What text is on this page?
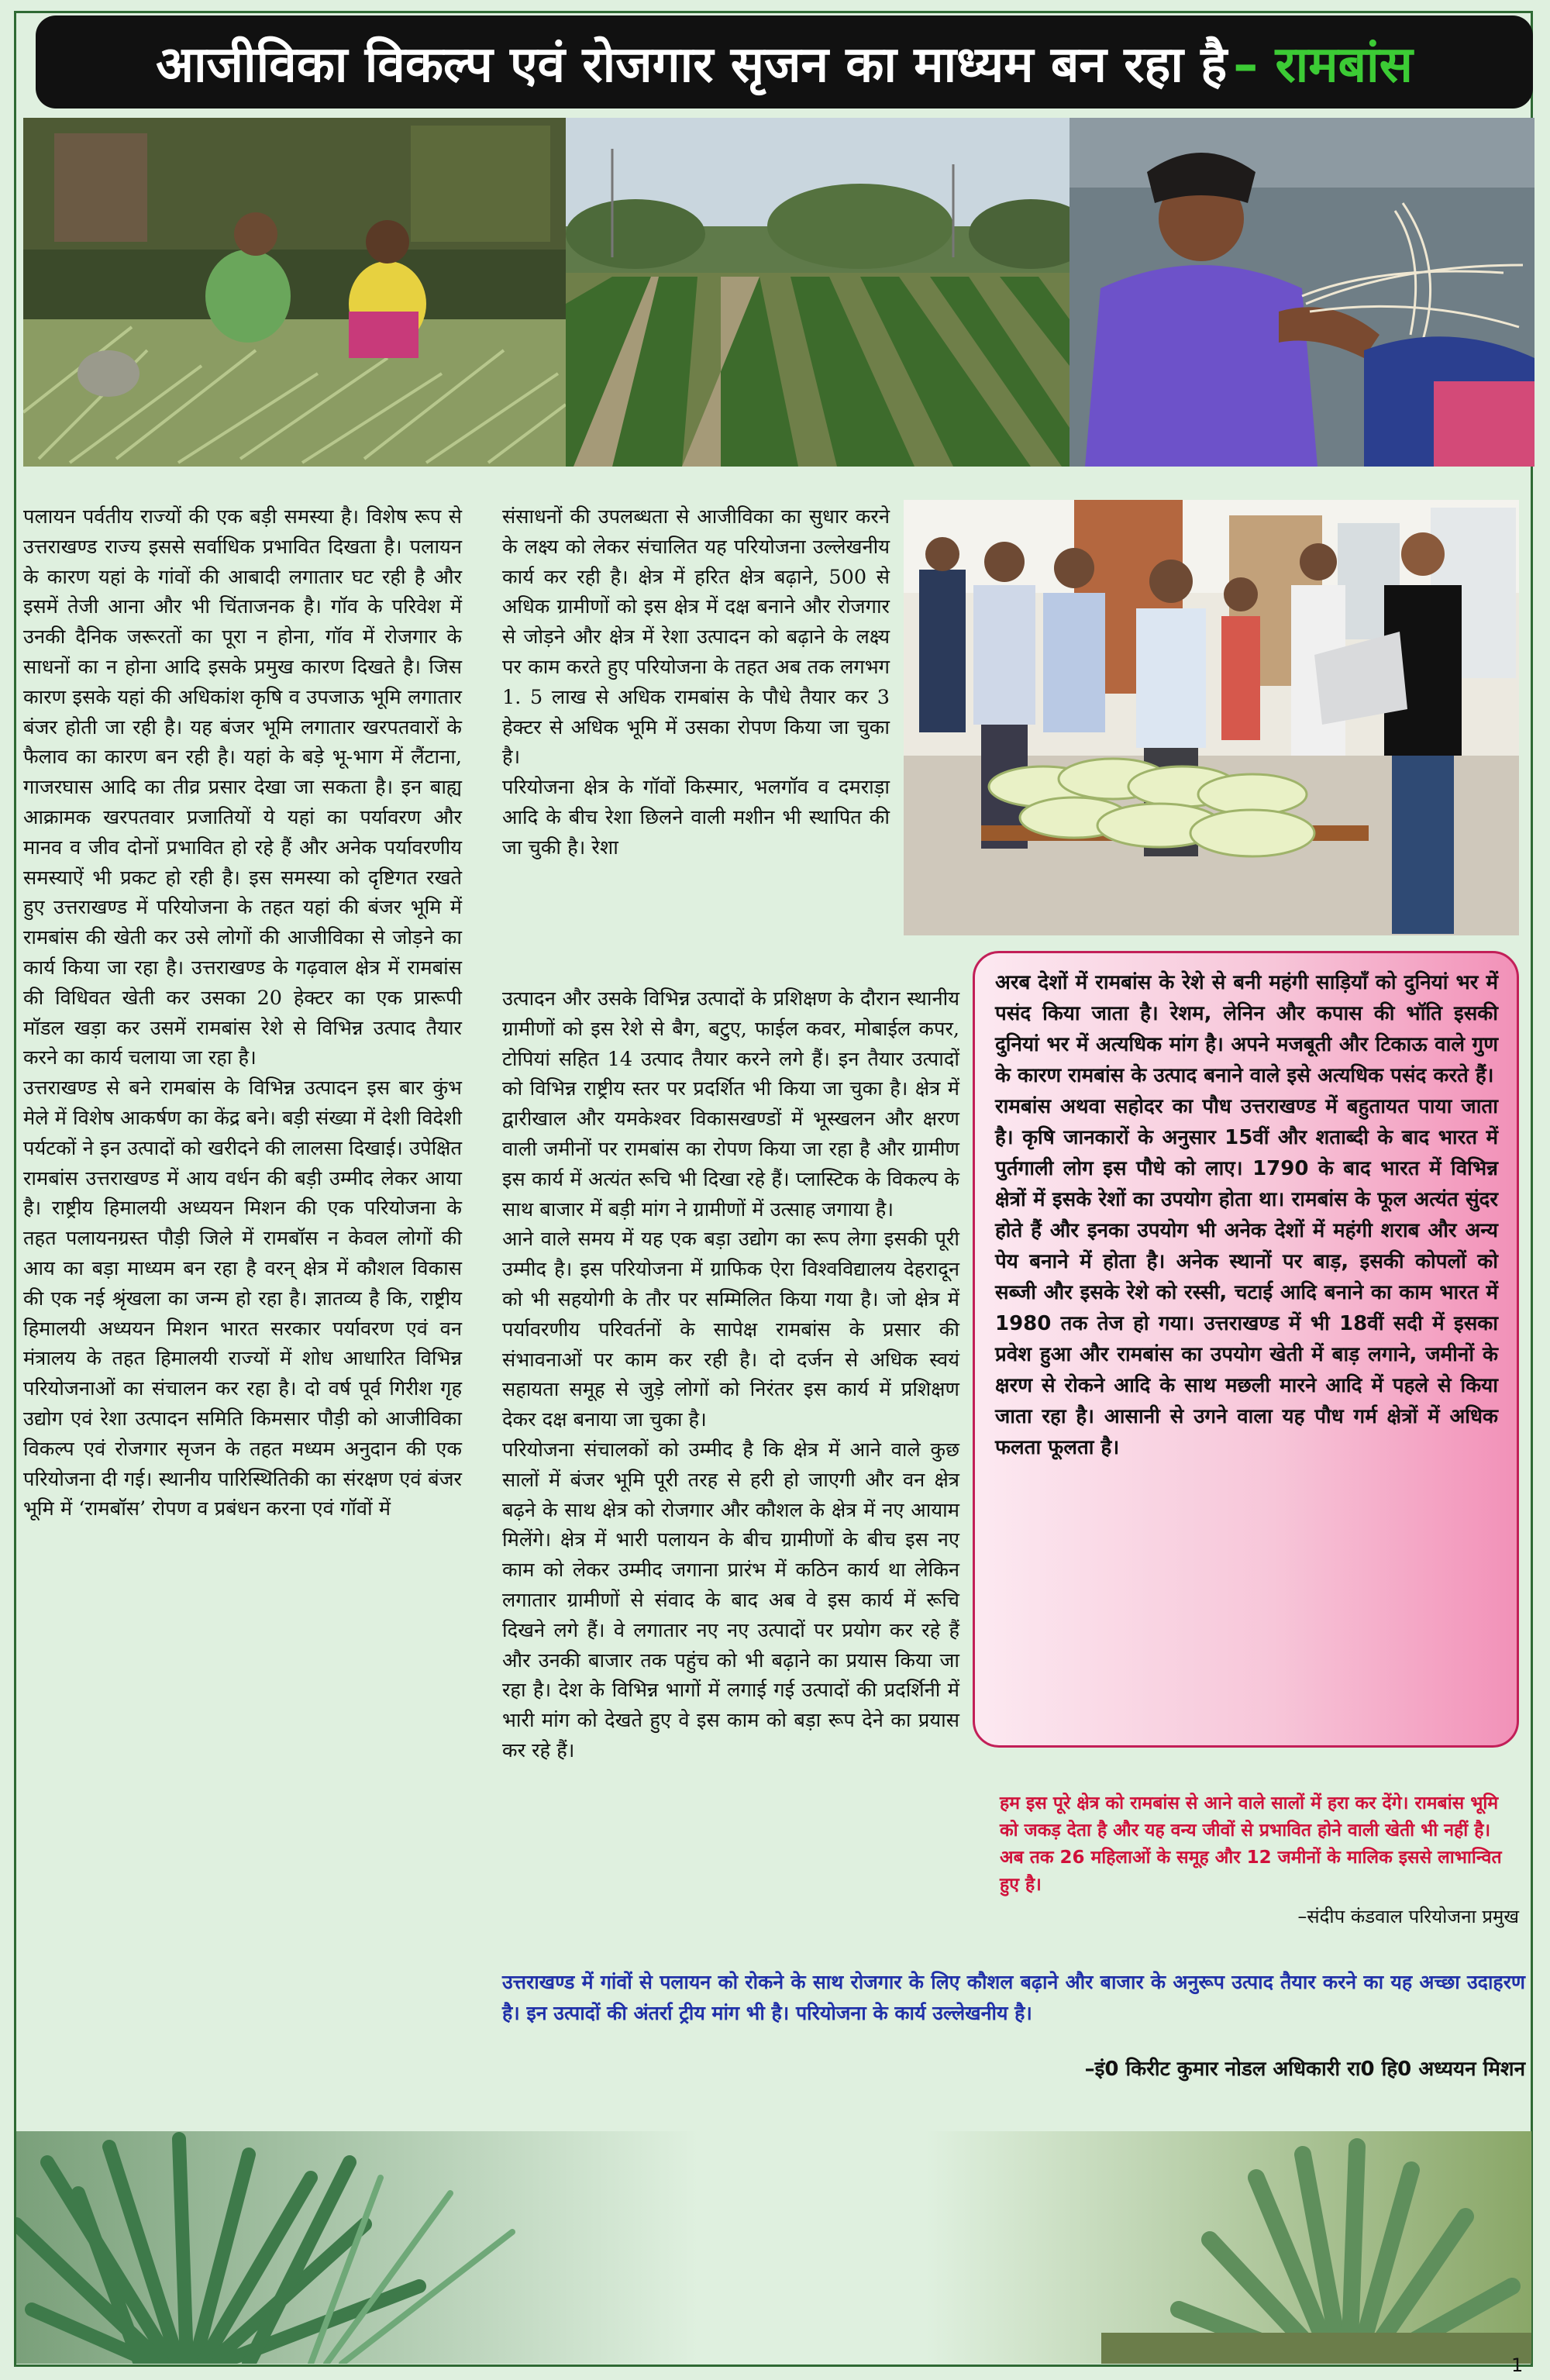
आजीविका विकल्प एवं रोजगार सृजन का माध्यम बन रहा है – रामबांस

पलायन पर्वतीय राज्यों की एक बड़ी समस्या है। विशेष रूप से उत्तराखण्ड राज्य इससे सर्वाधिक प्रभावित दिखता है। पलायन के कारण यहां के गांवों की आबादी लगातार घट रही है और इसमें तेजी आना और भी चिंताजनक है। गॉव के परिवेश में उनकी दैनिक जरूरतों का पूरा न होना, गॉव में रोजगार के साधनों का न होना आदि इसके प्रमुख कारण दिखते है। जिस कारण इसके यहां की अधिकांश कृषि व उपजाऊ भूमि लगातार बंजर होती जा रही है। यह बंजर भूमि लगातार खरपतवारों के फैलाव का कारण बन रही है। यहां के बड़े भू-भाग में लैंटाना, गाजरघास आदि का तीव्र प्रसार देखा जा सकता है। इन बाह्य आक्रामक खरपतवार प्रजातियों ये यहां का पर्यावरण और मानव व जीव दोनों प्रभावित हो रहे हैं और अनेक पर्यावरणीय समस्याऐं भी प्रकट हो रही है। इस समस्या को दृष्टिगत रखते हुए उत्तराखण्ड में परियोजना के तहत यहां की बंजर भूमि में रामबांस की खेती कर उसे लोगों की आजीविका से जोड़ने का कार्य किया जा रहा है। उत्तराखण्ड के गढ़वाल क्षेत्र में रामबांस की विधिवत खेती कर उसका 20 हेक्टर का एक प्रारूपी मॉडल खड़ा कर उसमें रामबांस रेशे से विभिन्न उत्पाद तैयार करने का कार्य चलाया जा रहा है।

उत्तराखण्ड से बने रामबांस के विभिन्न उत्पादन इस बार कुंभ मेले में विशेष आकर्षण का केंद्र बने। बड़ी संख्या में देशी विदेशी पर्यटकों ने इन उत्पादों को खरीदने की लालसा दिखाई। उपेक्षित रामबांस उत्तराखण्ड में आय वर्धन की बड़ी उम्मीद लेकर आया है। राष्ट्रीय हिमालयी अध्ययन मिशन की एक परियोजना के तहत पलायनग्रस्त पौड़ी जिले में रामबॉस न केवल लोगों की आय का बड़ा माध्यम बन रहा है वरन् क्षेत्र में कौशल विकास की एक नई श्रृंखला का जन्म हो रहा है। ज्ञातव्य है कि, राष्ट्रीय हिमालयी अध्ययन मिशन भारत सरकार पर्यावरण एवं वन मंत्रालय के तहत हिमालयी राज्यों में शोध आधारित विभिन्न परियोजनाओं का संचालन कर रहा है। दो वर्ष पूर्व गिरीश गृह उद्योग एवं रेशा उत्पादन समिति किमसार पौड़ी को आजीविका विकल्प एवं रोजगार सृजन के तहत मध्यम अनुदान की एक परियोजना दी गई। स्थानीय पारिस्थितिकी का संरक्षण एवं बंजर भूमि में ‘रामबॉस’ रोपण व प्रबंधन करना एवं गॉवों में

संसाधनों की उपलब्धता से आजीविका का सुधार करने के लक्ष्य को लेकर संचालित यह परियोजना उल्लेखनीय कार्य कर रही है। क्षेत्र में हरित क्षेत्र बढ़ाने, 500 से अधिक ग्रामीणों को इस क्षेत्र में दक्ष बनाने और रोजगार से जोड़ने और क्षेत्र में रेशा उत्पादन को बढ़ाने के लक्ष्य पर काम करते हुए परियोजना के तहत अब तक लगभग 1. 5 लाख से अधिक रामबांस के पौधे तैयार कर 3 हेक्टर से अधिक भूमि में उसका रोपण किया जा चुका है।

परियोजना क्षेत्र के गॉवों किस्मार, भलगॉव व दमराड़ा आदि के बीच रेशा छिलने वाली मशीन भी स्थापित की जा चुकी है। रेशा

उत्पादन और उसके विभिन्न उत्पादों के प्रशिक्षण के दौरान स्थानीय ग्रामीणों को इस रेशे से बैग, बटुए, फाईल कवर, मोबाईल कपर, टोपियां सहित 14 उत्पाद तैयार करने लगे हैं। इन तैयार उत्पादों को विभिन्न राष्ट्रीय स्तर पर प्रदर्शित भी किया जा चुका है। क्षेत्र में द्वारीखाल और यमकेश्वर विकासखण्डों में भूस्खलन और क्षरण वाली जमीनों पर रामबांस का रोपण किया जा रहा है और ग्रामीण इस कार्य में अत्यंत रूचि भी दिखा रहे हैं। प्लास्टिक के विकल्प के साथ बाजार में बड़ी मांग ने ग्रामीणों में उत्साह जगाया है।

आने वाले समय में यह एक बड़ा उद्योग का रूप लेगा इसकी पूरी उम्मीद है। इस परियोजना में ग्राफिक ऐरा विश्वविद्यालय देहरादून को भी सहयोगी के तौर पर सम्मिलित किया गया है। जो क्षेत्र में पर्यावरणीय परिवर्तनों के सापेक्ष रामबांस के प्रसार की संभावनाओं पर काम कर रही है। दो दर्जन से अधिक स्वयं सहायता समूह से जुड़े लोगों को निरंतर इस कार्य में प्रशिक्षण देकर दक्ष बनाया जा चुका है।

परियोजना संचालकों को उम्मीद है कि क्षेत्र में आने वाले कुछ सालों में बंजर भूमि पूरी तरह से हरी हो जाएगी और वन क्षेत्र बढ़ने के साथ क्षेत्र को रोजगार और कौशल के क्षेत्र में नए आयाम मिलेंगे। क्षेत्र में भारी पलायन के बीच ग्रामीणों के बीच इस नए काम को लेकर उम्मीद जगाना प्रारंभ में कठिन कार्य था लेकिन लगातार ग्रामीणों से संवाद के बाद अब वे इस कार्य में रूचि दिखने लगे हैं। वे लगातार नए नए उत्पादों पर प्रयोग कर रहे हैं और उनकी बाजार तक पहुंच को भी बढ़ाने का प्रयास किया जा रहा है। देश के विभिन्न भागों में लगाई गई उत्पादों की प्रदर्शिनी में भारी मांग को देखते हुए वे इस काम को बड़ा रूप देने का प्रयास कर रहे हैं।

अरब देशों में रामबांस के रेशे से बनी महंगी साड़ियॉं को दुनियां भर में पसंद किया जाता है। रेशम, लेनिन और कपास की भॉति इसकी दुनियां भर में अत्यधिक मांग है। अपने मजबूती और टिकाऊ वाले गुण के कारण रामबांस के उत्पाद बनाने वाले इसे अत्यधिक पसंद करते हैं।

रामबांस अथवा सहोदर का पौध उत्तराखण्ड में बहुतायत पाया जाता है। कृषि जानकारों के अनुसार 15वीं और शताब्दी के बाद भारत में पुर्तगाली लोग इस पौधे को लाए। 1790 के बाद भारत में विभिन्न क्षेत्रों में इसके रेशों का उपयोग होता था। रामबांस के फूल अत्यंत सुंदर होते हैं और इनका उपयोग भी अनेक देशों में महंगी शराब और अन्य पेय बनाने में होता है। अनेक स्थानों पर बाड़, इसकी कोपलों को सब्जी और इसके रेशे को रस्सी, चटाई आदि बनाने का काम भारत में 1980 तक तेज हो गया। उत्तराखण्ड में भी 18वीं सदी में इसका प्रवेश हुआ और रामबांस का उपयोग खेती में बाड़ लगाने, जमीनों के क्षरण से रोकने आदि के साथ मछली मारने आदि में पहले से किया जाता रहा है। आसानी से उगने वाला यह पौध गर्म क्षेत्रों में अधिक फलता फूलता है।

हम इस पूरे क्षेत्र को रामबांस से आने वाले सालों में हरा कर देंगे। रामबांस भूमि को जकड़ देता है और यह वन्य जीवों से प्रभावित होने वाली खेती भी नहीं है। अब तक 26 महिलाओं के समूह और 12 जमीनों के मालिक इससे लाभान्वित हुए है।
–संदीप कंडवाल परियोजना प्रमुख
उत्तराखण्ड में गांवों से पलायन को रोकने के साथ रोजगार के लिए कौशल बढ़ाने और बाजार के अनुरूप उत्पाद तैयार करने का यह अच्छा उदाहरण है। इन उत्पादों की अंतर्रा ट्रीय मांग भी है। परियोजना के कार्य उल्लेखनीय है।
–इं0 किरीट कुमार नोडल अधिकारी रा0 हि0 अध्ययन मिशन
1
